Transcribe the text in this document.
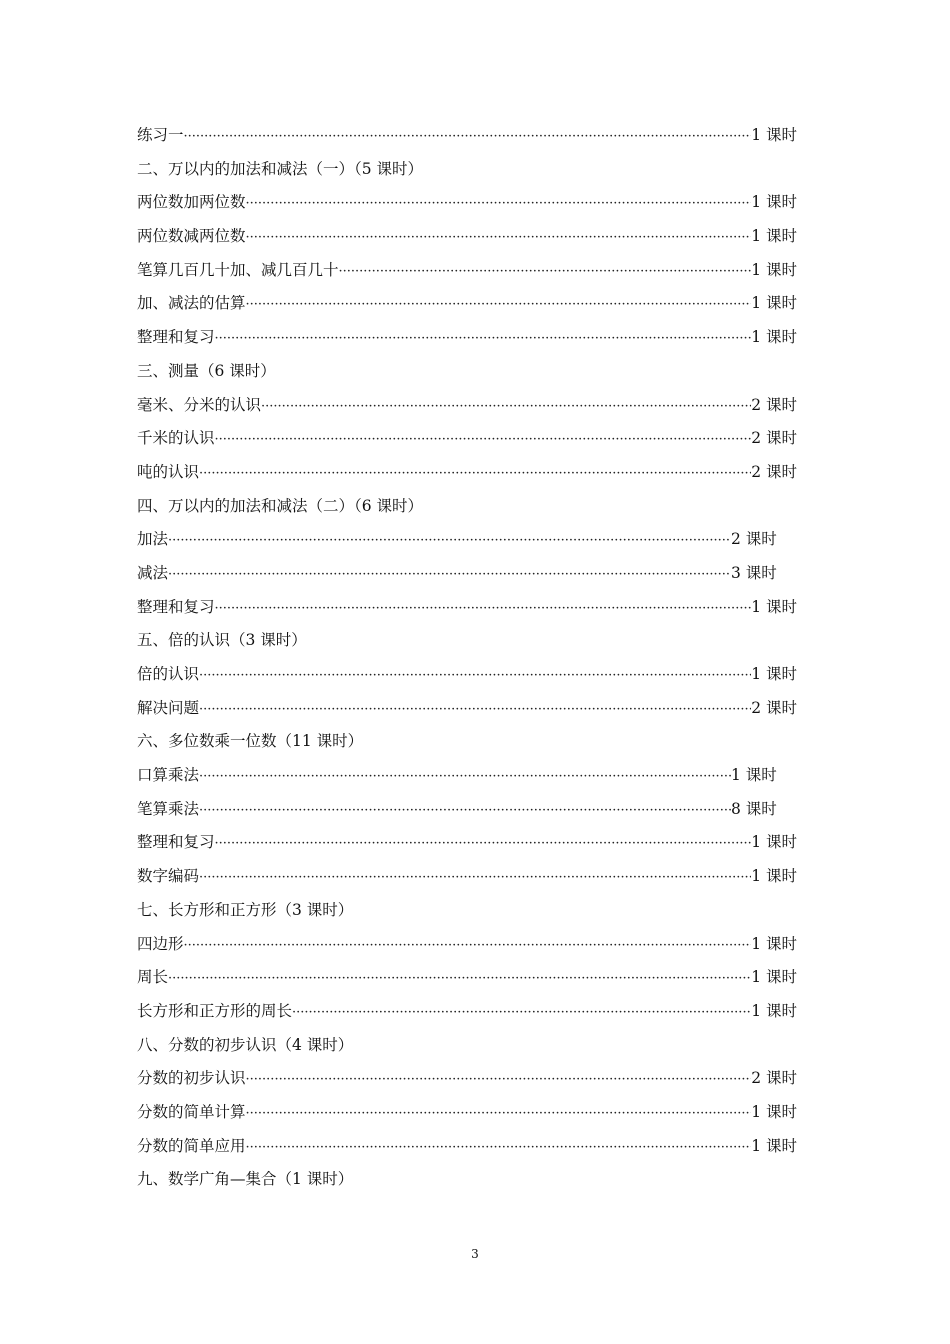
练习一 ·····	1 课时
二、万以内的加法和减法（一）（5 课时）
两位数加两位数 ·····	1 课时
两位数减两位数 ·····	1 课时
笔算几百几十加、减几百几十 ·····	1 课时
加、减法的估算 ·····	1 课时
整理和复习 ·····	1 课时
三、测量（6 课时）
毫米、分米的认识 ·····	2 课时
千米的认识 ·····	2 课时
吨的认识 ·····	2 课时
四、万以内的加法和减法（二）（6 课时）
加法 ·····	2 课时
减法 ·····	3 课时
整理和复习 ·····	1 课时
五、倍的认识（3 课时）
倍的认识 ·····	1 课时
解决问题 ·····	2 课时
六、多位数乘一位数（11 课时）
口算乘法 ·····	1 课时
笔算乘法 ·····	8 课时
整理和复习 ·····	1 课时
数字编码 ·····	1 课时
七、长方形和正方形（3 课时）
四边形 ·····	1 课时
周长 ·····	1 课时
长方形和正方形的周长 ·····	1 课时
八、分数的初步认识（4 课时）
分数的初步认识 ·····	2 课时
分数的简单计算 ·····	1 课时
分数的简单应用 ·····	1 课时
九、数学广角—集合（1 课时）
3
